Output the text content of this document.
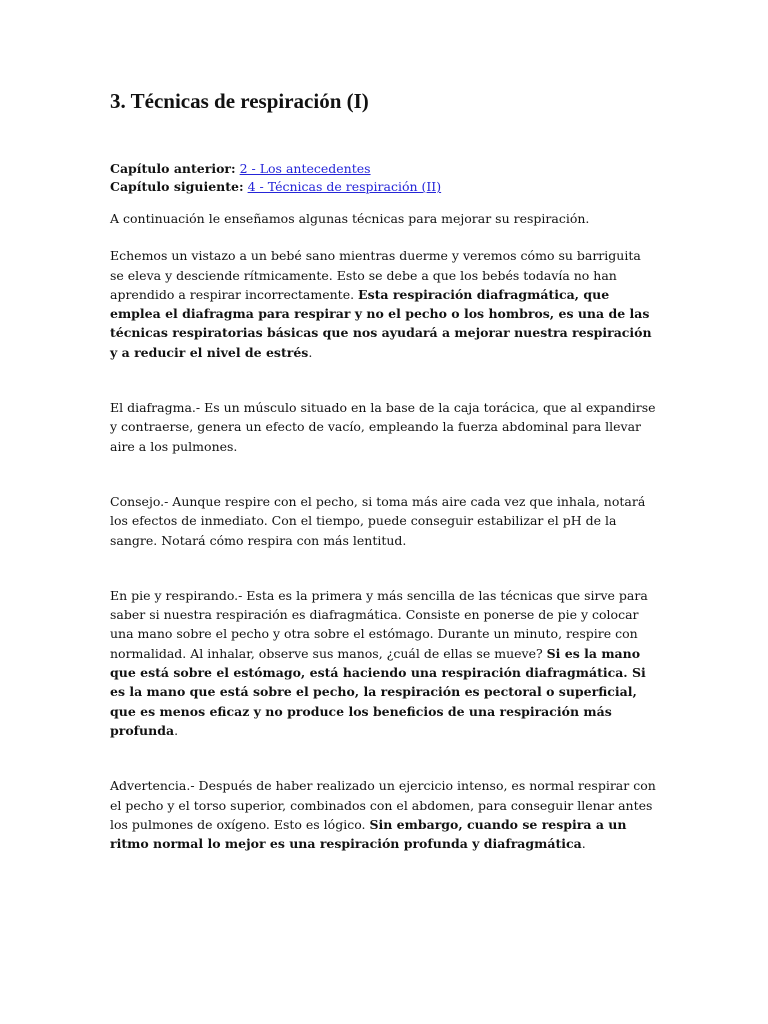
3. Técnicas de respiración (I)
Capítulo anterior: 2 - Los antecedentes
Capítulo siguiente: 4 - Técnicas de respiración (II)

A continuación le enseñamos algunas técnicas para mejorar su respiración.

Echemos un vistazo a un bebé sano mientras duerme y veremos cómo su barriguita se eleva y desciende rítmicamente. Esto se debe a que los bebés todavía no han aprendido a respirar incorrectamente. Esta respiración diafragmática, que emplea el diafragma para respirar y no el pecho o los hombros, es una de las técnicas respiratorias básicas que nos ayudará a mejorar nuestra respiración y a reducir el nivel de estrés.

El diafragma.- Es un músculo situado en la base de la caja torácica, que al expandirse y contraerse, genera un efecto de vacío, empleando la fuerza abdominal para llevar aire a los pulmones.

Consejo.- Aunque respire con el pecho, si toma más aire cada vez que inhala, notará los efectos de inmediato. Con el tiempo, puede conseguir estabilizar el pH de la sangre. Notará cómo respira con más lentitud.

En pie y respirando.- Esta es la primera y más sencilla de las técnicas que sirve para saber si nuestra respiración es diafragmática. Consiste en ponerse de pie y colocar una mano sobre el pecho y otra sobre el estómago. Durante un minuto, respire con normalidad. Al inhalar, observe sus manos, ¿cuál de ellas se mueve? Si es la mano que está sobre el estómago, está haciendo una respiración diafragmática. Si es la mano que está sobre el pecho, la respiración es pectoral o superficial, que es menos eficaz y no produce los beneficios de una respiración más profunda.

Advertencia.- Después de haber realizado un ejercicio intenso, es normal respirar con el pecho y el torso superior, combinados con el abdomen, para conseguir llenar antes los pulmones de oxígeno. Esto es lógico. Sin embargo, cuando se respira a un ritmo normal lo mejor es una respiración profunda y diafragmática.
